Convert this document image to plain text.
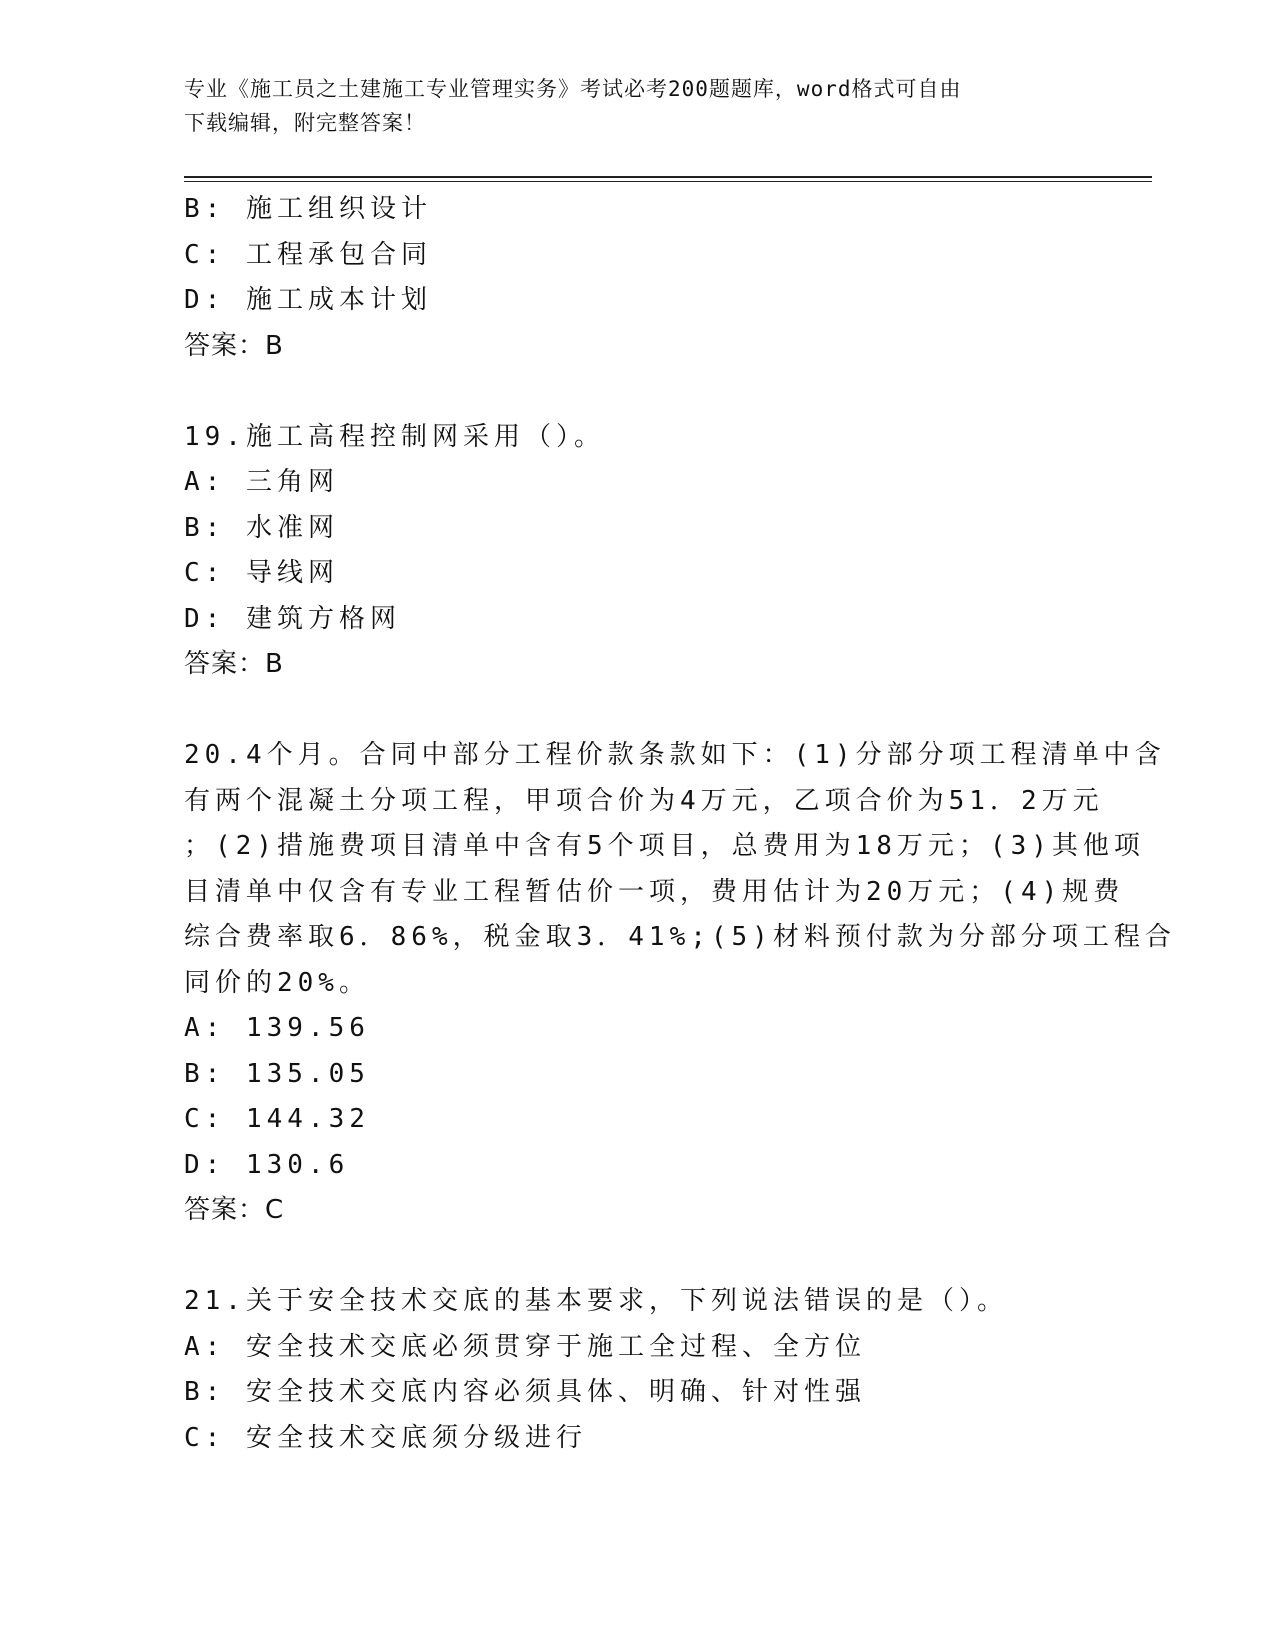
专业《施工员之土建施工专业管理实务》考试必考200题题库，word格式可自由
下载编辑，附完整答案！
B: 施工组织设计
C: 工程承包合同
D: 施工成本计划
答案：B
19.施工高程控制网采用（）。
A: 三角网
B: 水准网
C: 导线网
D: 建筑方格网
答案：B
20.4个月。合同中部分工程价款条款如下：(1)分部分项工程清单中含
有两个混凝土分项工程，甲项合价为4万元，乙项合价为51．2万元
；(2)措施费项目清单中含有5个项目，总费用为18万元；(3)其他项
目清单中仅含有专业工程暂估价一项，费用估计为20万元；(4)规费
综合费率取6．86%，税金取3．41%;(5)材料预付款为分部分项工程合
同价的20%。
A: 139.56
B: 135.05
C: 144.32
D: 130.6
答案：C
21.关于安全技术交底的基本要求，下列说法错误的是（）。
A: 安全技术交底必须贯穿于施工全过程、全方位
B: 安全技术交底内容必须具体、明确、针对性强
C: 安全技术交底须分级进行
